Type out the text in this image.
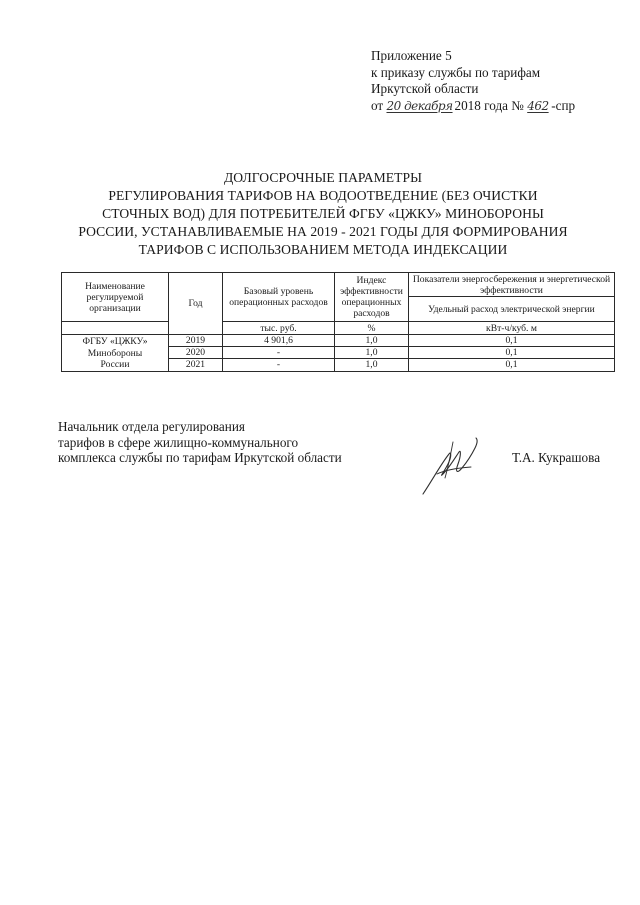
Приложение 5
к приказу службы по тарифам
Иркутской области
от 20 декабря 2018 года № 462 -спр
ДОЛГОСРОЧНЫЕ ПАРАМЕТРЫ
РЕГУЛИРОВАНИЯ ТАРИФОВ НА ВОДООТВЕДЕНИЕ (БЕЗ ОЧИСТКИ
СТОЧНЫХ ВОД) ДЛЯ ПОТРЕБИТЕЛЕЙ ФГБУ «ЦЖКУ» МИНОБОРОНЫ
РОССИИ, УСТАНАВЛИВАЕМЫЕ НА 2019 - 2021 ГОДЫ ДЛЯ ФОРМИРОВАНИЯ
ТАРИФОВ С ИСПОЛЬЗОВАНИЕМ МЕТОДА ИНДЕКСАЦИИ
Наименование регулируемой организации	Год	Базовый уровень операционных расходов	Индекс эффективности операционных расходов	Показатели энергосбережения и энергетической эффективности
				Удельный расход электрической энергии
		тыс. руб.	%	кВт-ч/куб. м

ФГБУ «ЦЖКУ»
Минобороны
России	2019	4 901,6	1,0	0,1
	2020	-	1,0	0,1
	2021	-	1,0	0,1
Начальник отдела регулирования
тарифов в сфере жилищно-коммунального
комплекса службы по тарифам Иркутской области	Т.А. Кукрашова
